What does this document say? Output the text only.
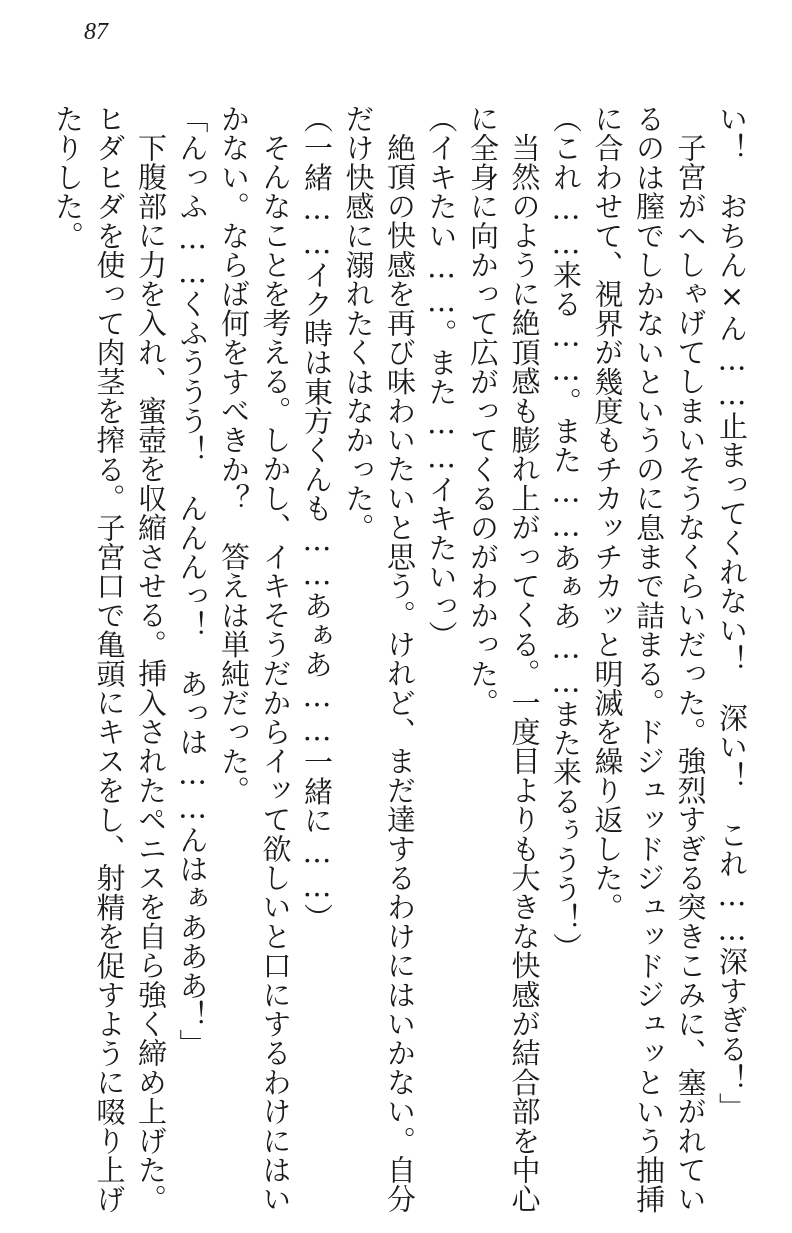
87
い！　おちん×ん……止まってくれない！　深い！　これ……深すぎる！」
子宮がへしゃげてしまいそうなくらいだった。強烈すぎる突きこみに、塞がれてい
るのは膣でしかないというのに息まで詰まる。ドジュッドジュッドジュッという抽挿
に合わせて、視界が幾度もチカッチカッと明滅を繰り返した。
（これ……来る……。また……あぁあ……また来るぅうう！）
当然のように絶頂感も膨れ上がってくる。一度目よりも大きな快感が結合部を中心
に全身に向かって広がってくるのがわかった。
（イキたい……。また……イキたいっ）
絶頂の快感を再び味わいたいと思う。けれど、まだ達するわけにはいかない。自分
だけ快感に溺れたくはなかった。
（一緒……イク時は東方くんも……あぁあ……一緒に……）
そんなことを考える。しかし、イキそうだからイッて欲しいと口にするわけにはい
かない。ならば何をすべきか？　答えは単純だった。
「んっふ……くふううう！　んんんっ！　あっは……んはぁあああ！」
下腹部に力を入れ、蜜壺を収縮させる。挿入されたペニスを自ら強く締め上げた。
ヒダヒダを使って肉茎を搾る。子宮口で亀頭にキスをし、射精を促すように啜り上げ
たりした。
